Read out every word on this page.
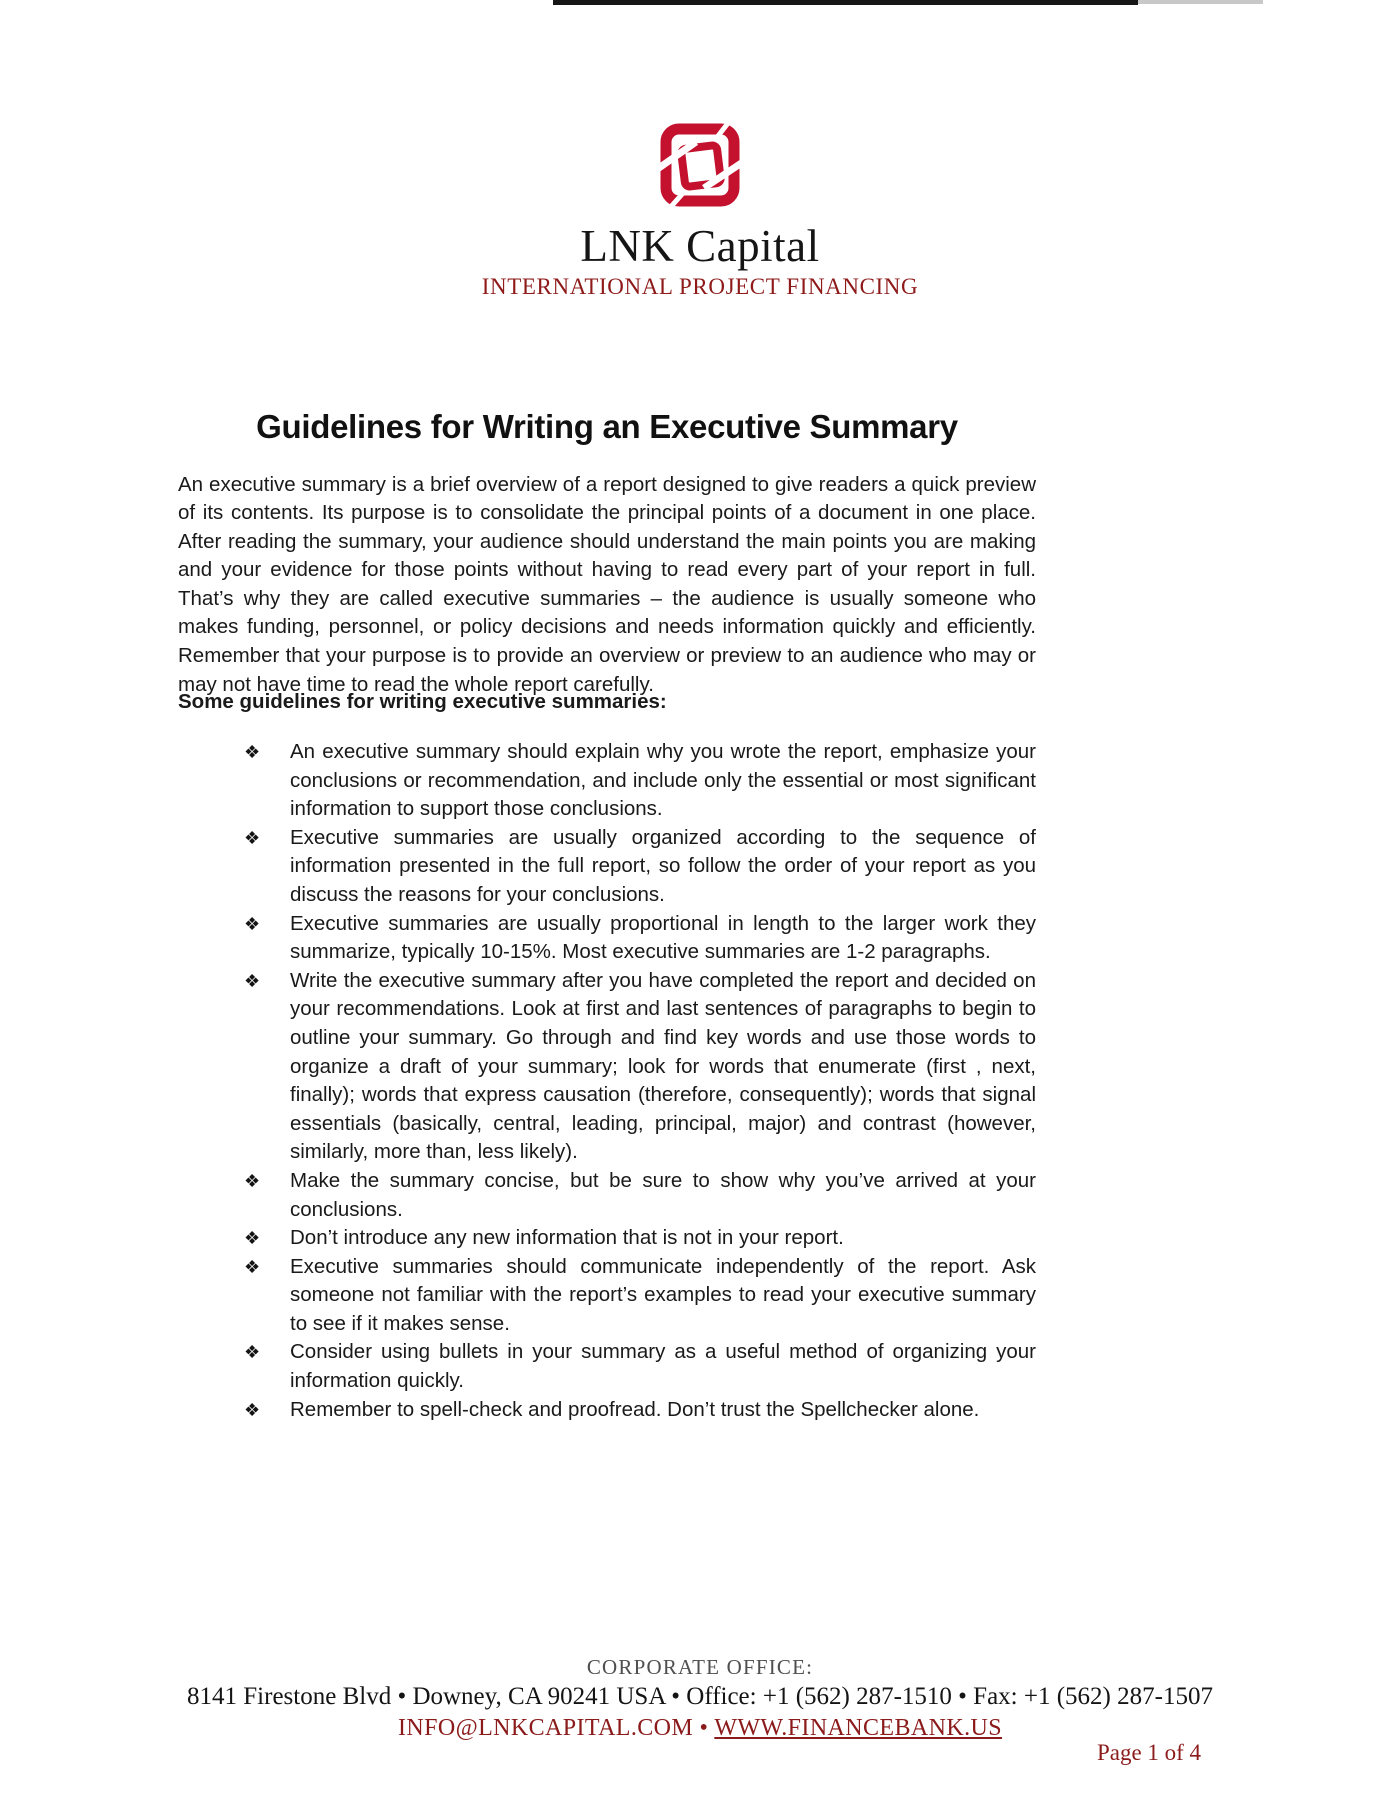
LNK Capital
INTERNATIONAL PROJECT FINANCING
Guidelines for Writing an Executive Summary

An executive summary is a brief overview of a report designed to give readers a quick preview of its contents. Its purpose is to consolidate the principal points of a document in one place. After reading the summary, your audience should understand the main points you are making and your evidence for those points without having to read every part of your report in full. That’s why they are called executive summaries – the audience is usually someone who makes funding, personnel, or policy decisions and needs information quickly and efficiently. Remember that your purpose is to provide an overview or preview to an audience who may or may not have time to read the whole report carefully.

Some guidelines for writing executive summaries:
❖ An executive summary should explain why you wrote the report, emphasize your conclusions or recommendation, and include only the essential or most significant information to support those conclusions.
❖ Executive summaries are usually organized according to the sequence of information presented in the full report, so follow the order of your report as you discuss the reasons for your conclusions.
❖ Executive summaries are usually proportional in length to the larger work they summarize, typically 10-15%. Most executive summaries are 1-2 paragraphs.
❖ Write the executive summary after you have completed the report and decided on your recommendations. Look at first and last sentences of paragraphs to begin to outline your summary. Go through and find key words and use those words to organize a draft of your summary; look for words that enumerate (first , next, finally); words that express causation (therefore, consequently); words that signal essentials (basically, central, leading, principal, major) and contrast (however, similarly, more than, less likely).
❖ Make the summary concise, but be sure to show why you’ve arrived at your conclusions.
❖ Don’t introduce any new information that is not in your report.
❖ Executive summaries should communicate independently of the report. Ask someone not familiar with the report’s examples to read your executive summary to see if it makes sense.
❖ Consider using bullets in your summary as a useful method of organizing your information quickly.
❖ Remember to spell-check and proofread. Don’t trust the Spellchecker alone.
CORPORATE OFFICE:
8141 Firestone Blvd • Downey, CA 90241 USA • Office: +1 (562) 287-1510 • Fax: +1 (562) 287-1507
INFO@LNKCAPITAL.COM • WWW.FINANCEBANK.US
Page 1 of 4
